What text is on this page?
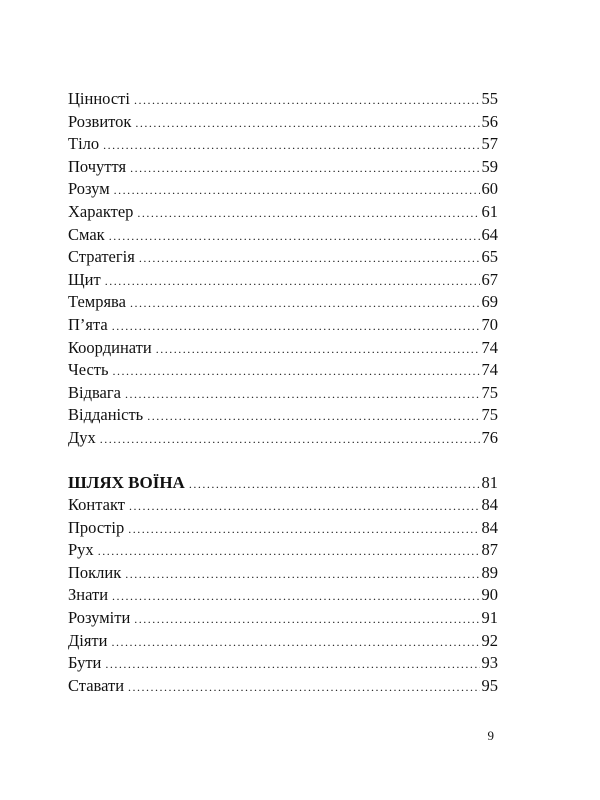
Цінності .....	55
Розвиток .....	56
Тіло .....	57
Почуття .....	59
Розум .....	60
Характер .....	61
Смак .....	64
Стратегія .....	65
Щит .....	67
Темрява .....	69
П’ята .....	70
Координати .....	74
Честь .....	74
Відвага .....	75
Відданість .....	75
Дух .....	76
ШЛЯХ ВОЇНА .....	81
Контакт .....	84
Простір .....	84
Рух .....	87
Поклик .....	89
Знати .....	90
Розуміти .....	91
Діяти .....	92
Бути .....	93
Ставати .....	95
9
